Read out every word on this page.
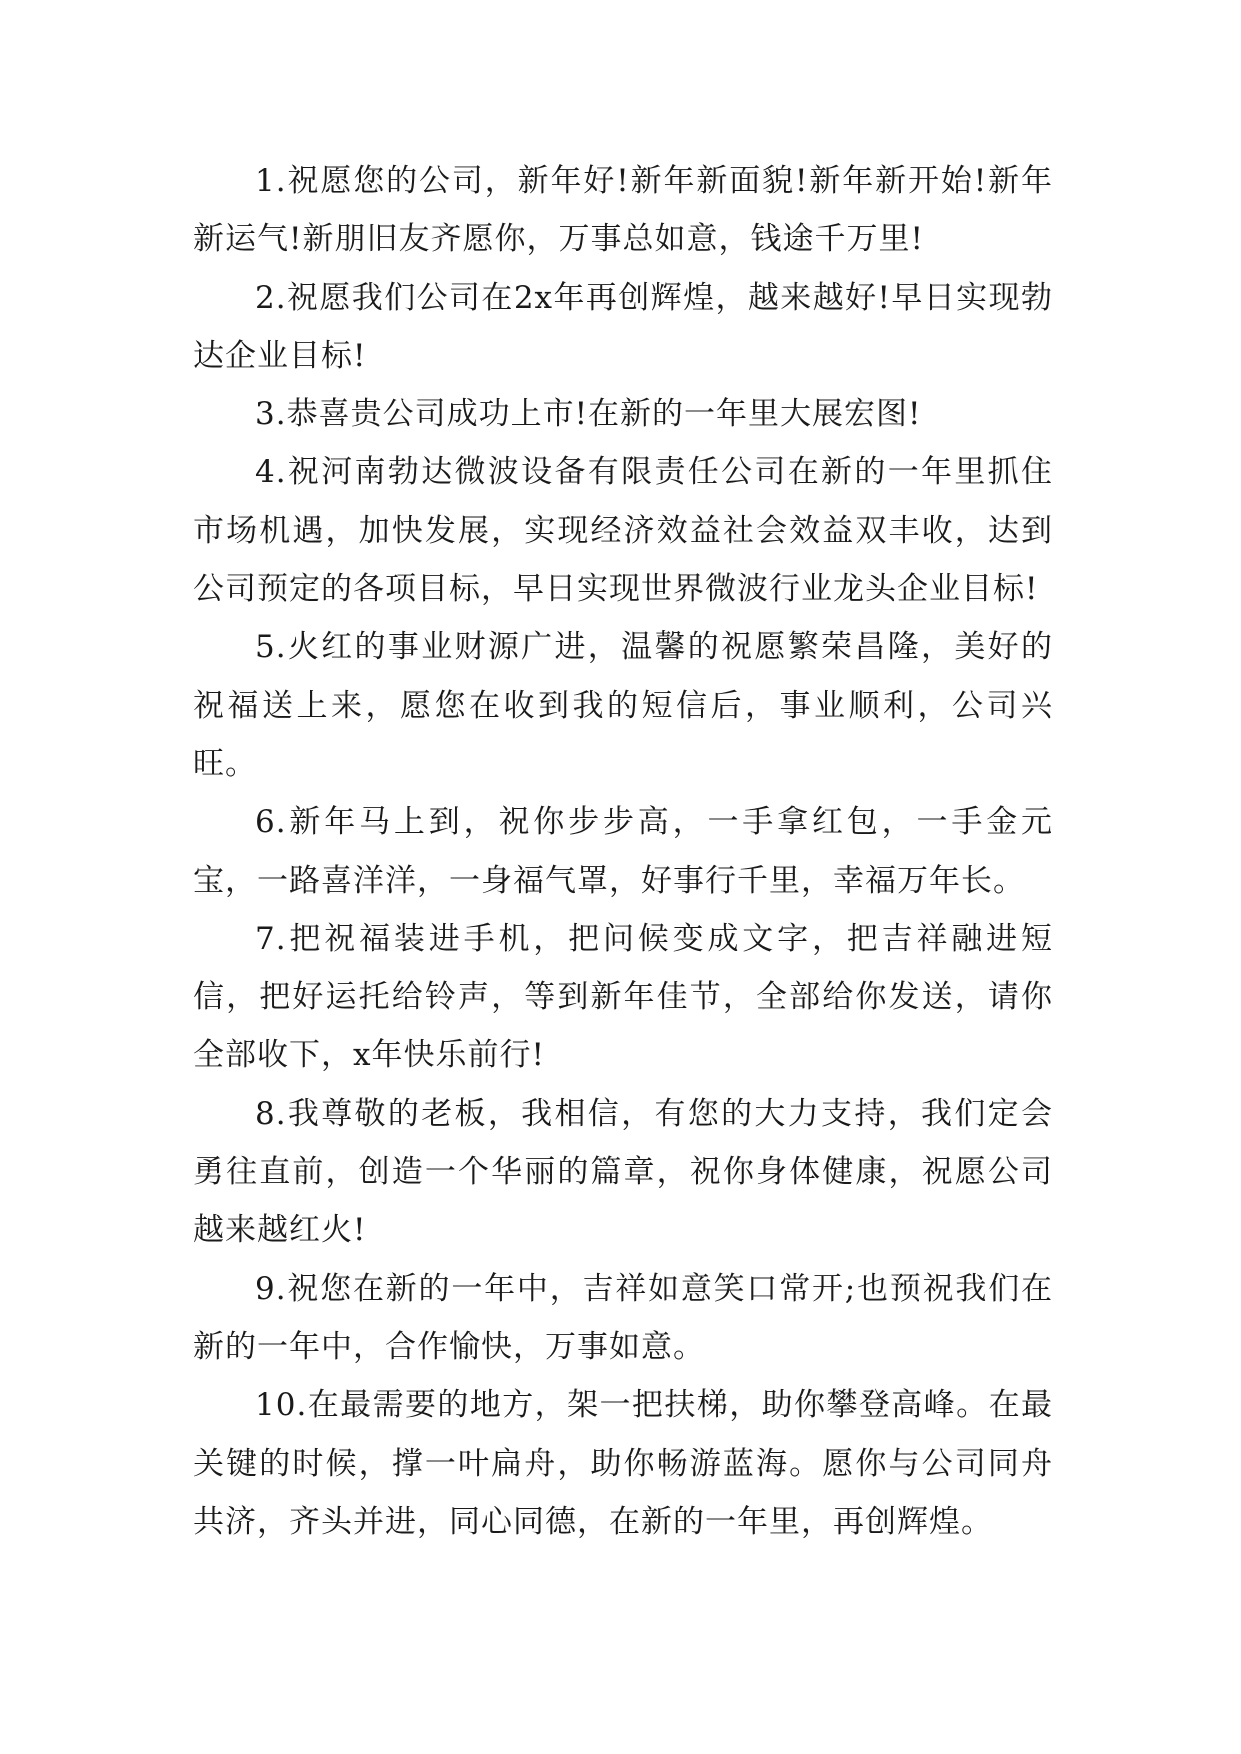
1.祝愿您的公司，新年好!新年新面貌!新年新开始!新年新运气!新朋旧友齐愿你，万事总如意，钱途千万里!

2.祝愿我们公司在2x年再创辉煌，越来越好!早日实现勃达企业目标!

3.恭喜贵公司成功上市!在新的一年里大展宏图!

4.祝河南勃达微波设备有限责任公司在新的一年里抓住市场机遇，加快发展，实现经济效益社会效益双丰收，达到公司预定的各项目标，早日实现世界微波行业龙头企业目标!

5.火红的事业财源广进，温馨的祝愿繁荣昌隆，美好的祝福送上来，愿您在收到我的短信后，事业顺利，公司兴旺。

6.新年马上到，祝你步步高，一手拿红包，一手金元宝，一路喜洋洋，一身福气罩，好事行千里，幸福万年长。

7.把祝福装进手机，把问候变成文字，把吉祥融进短信，把好运托给铃声，等到新年佳节，全部给你发送，请你全部收下，x年快乐前行!

8.我尊敬的老板，我相信，有您的大力支持，我们定会勇往直前，创造一个华丽的篇章，祝你身体健康，祝愿公司越来越红火!

9.祝您在新的一年中，吉祥如意笑口常开;也预祝我们在新的一年中，合作愉快，万事如意。

10.在最需要的地方，架一把扶梯，助你攀登高峰。在最关键的时候，撑一叶扁舟，助你畅游蓝海。愿你与公司同舟共济，齐头并进，同心同德，在新的一年里，再创辉煌。
